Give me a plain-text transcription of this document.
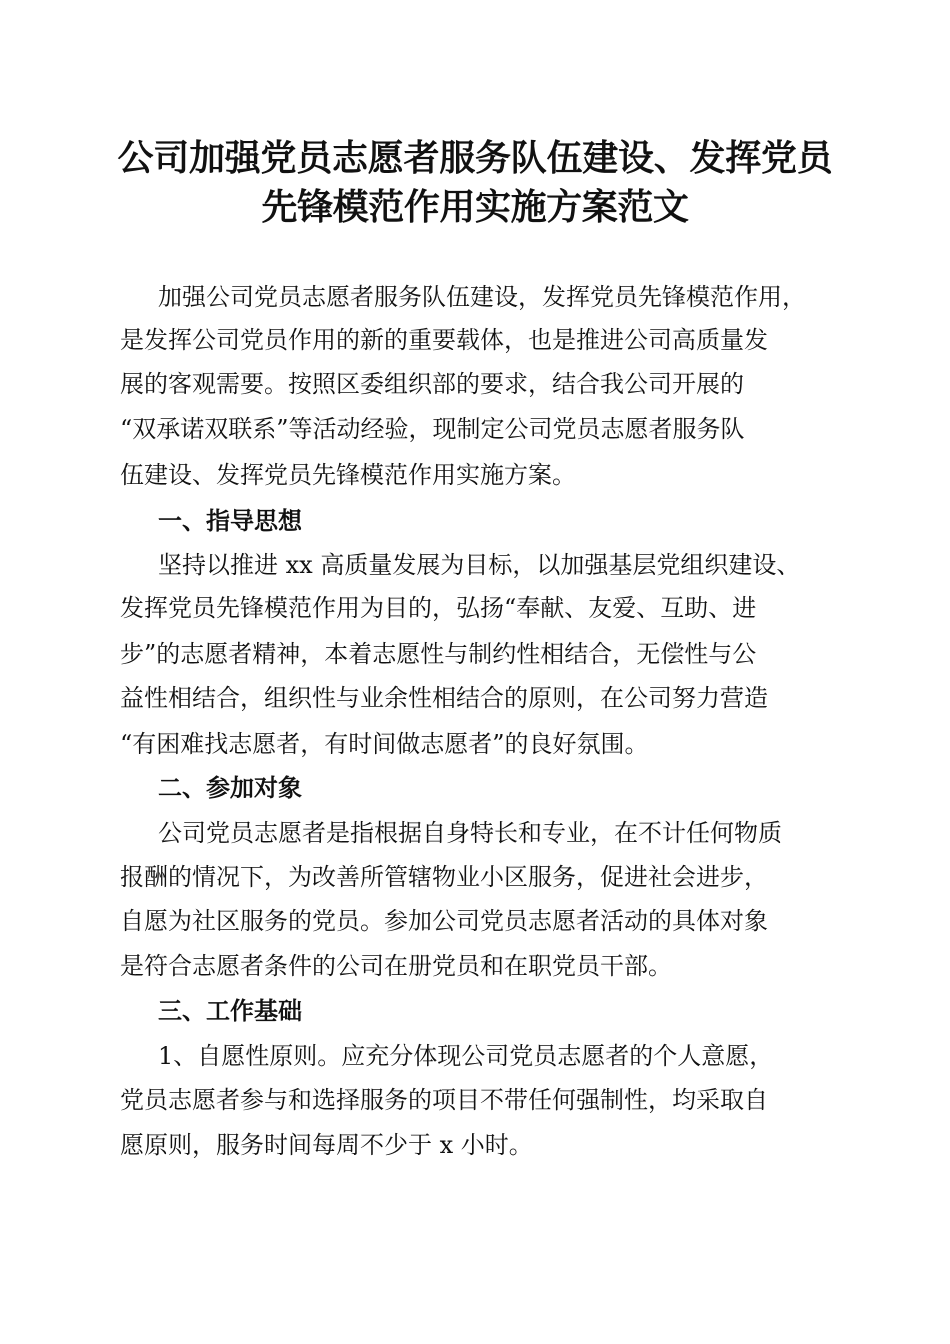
公司加强党员志愿者服务队伍建设、发挥党员
先锋模范作用实施方案范文
加强公司党员志愿者服务队伍建设，发挥党员先锋模范作用，
是发挥公司党员作用的新的重要载体，也是推进公司高质量发
展的客观需要。按照区委组织部的要求，结合我公司开展的
“双承诺双联系”等活动经验，现制定公司党员志愿者服务队
伍建设、发挥党员先锋模范作用实施方案。
一、指导思想
坚持以推进 xx 高质量发展为目标，以加强基层党组织建设、
发挥党员先锋模范作用为目的，弘扬“奉献、友爱、互助、进
步”的志愿者精神，本着志愿性与制约性相结合，无偿性与公
益性相结合，组织性与业余性相结合的原则，在公司努力营造
“有困难找志愿者，有时间做志愿者”的良好氛围。
二、参加对象
公司党员志愿者是指根据自身特长和专业，在不计任何物质
报酬的情况下，为改善所管辖物业小区服务，促进社会进步，
自愿为社区服务的党员。参加公司党员志愿者活动的具体对象
是符合志愿者条件的公司在册党员和在职党员干部。
三、工作基础
1、自愿性原则。应充分体现公司党员志愿者的个人意愿，
党员志愿者参与和选择服务的项目不带任何强制性，均采取自
愿原则，服务时间每周不少于 x 小时。
